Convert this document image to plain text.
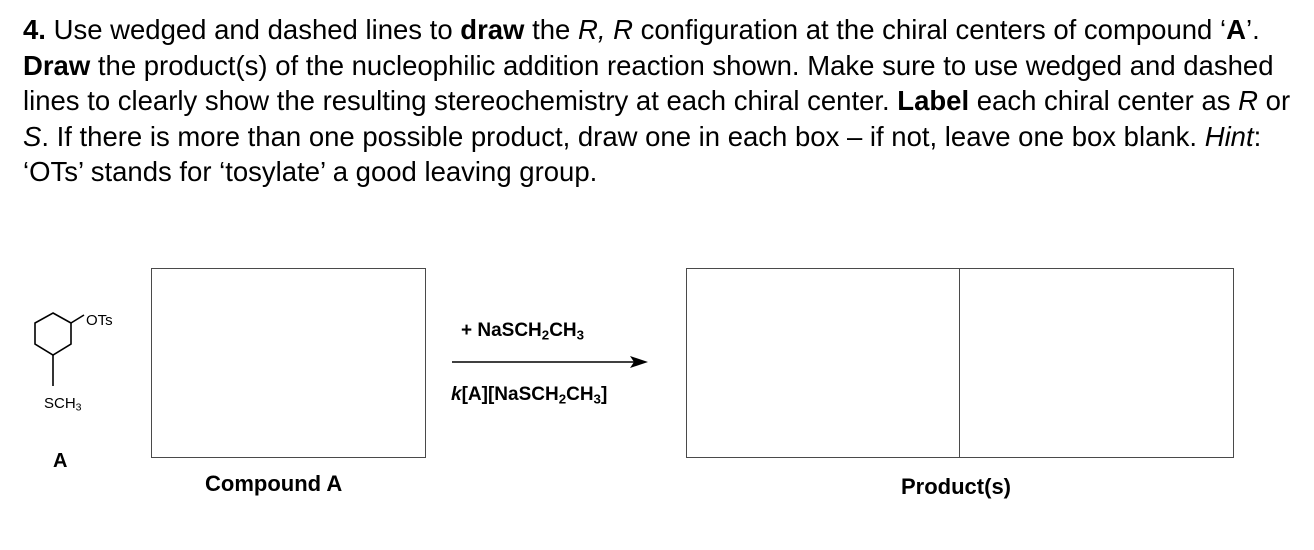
4. Use wedged and dashed lines to draw the R, R configuration at the chiral centers of compound ‘A’. Draw the product(s) of the nucleophilic addition reaction shown. Make sure to use wedged and dashed lines to clearly show the resulting stereochemistry at each chiral center. Label each chiral center as R or S. If there is more than one possible product, draw one in each box – if not, leave one box blank. Hint: ‘OTs’ stands for ‘tosylate’ a good leaving group.
OTs
$SCH_3$
A
Compound A
+ $NaSCH_2CH_3$
$k[A][NaSCH_2CH_3]$
Product(s)
